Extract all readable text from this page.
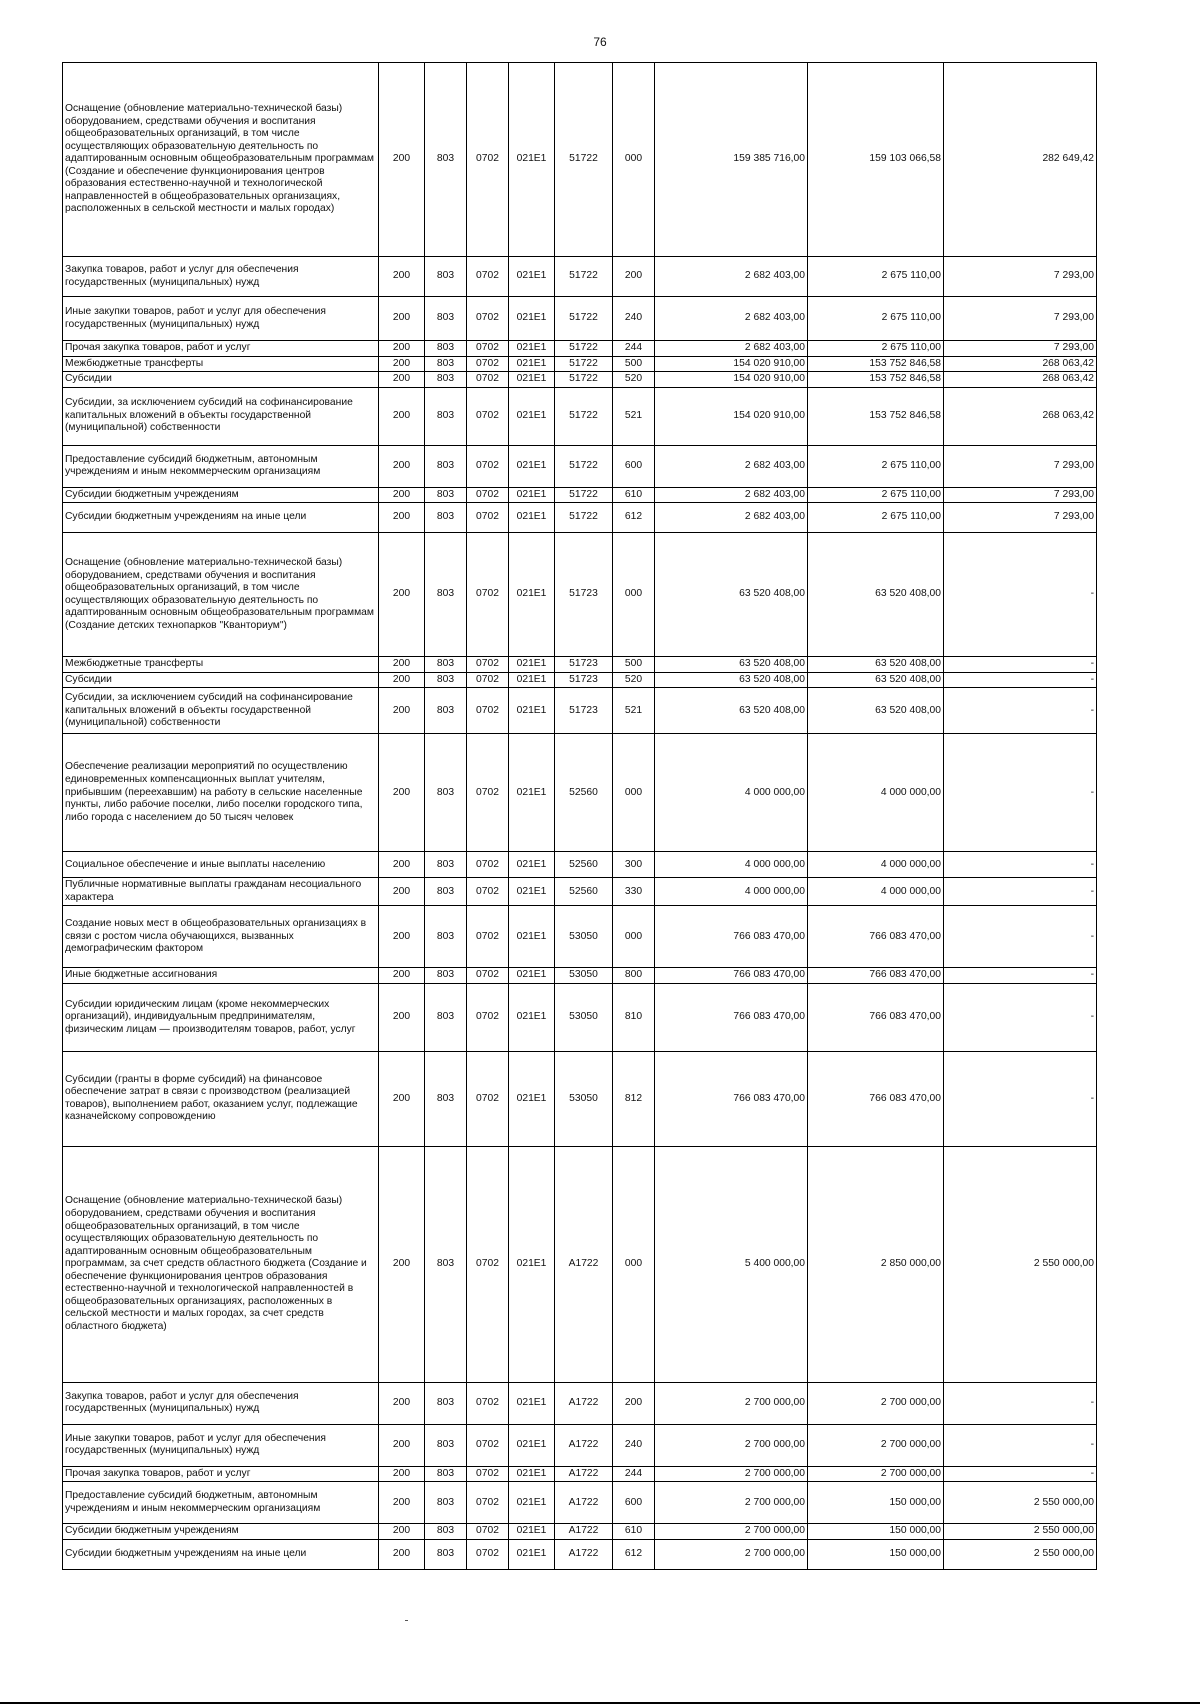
76
Оснащение (обновление материально-технической базы) оборудованием, средствами обучения и воспитания общеобразовательных организаций, в том числе осуществляющих образовательную деятельность по адаптированным основным общеобразовательным программам (Создание и обеспечение функционирования центров образования естественно-научной и технологической направленностей в общеобразовательных организациях, расположенных в сельской местности и малых городах)	200	803	0702	021E1	51722	000	159 385 716,00	159 103 066,58	282 649,42
Закупка товаров, работ и услуг для обеспечения государственных (муниципальных) нужд	200	803	0702	021E1	51722	200	2 682 403,00	2 675 110,00	7 293,00
Иные закупки товаров, работ и услуг для обеспечения государственных (муниципальных) нужд	200	803	0702	021E1	51722	240	2 682 403,00	2 675 110,00	7 293,00
Прочая закупка товаров, работ и услуг	200	803	0702	021E1	51722	244	2 682 403,00	2 675 110,00	7 293,00
Межбюджетные трансферты	200	803	0702	021E1	51722	500	154 020 910,00	153 752 846,58	268 063,42
Субсидии	200	803	0702	021E1	51722	520	154 020 910,00	153 752 846,58	268 063,42
Субсидии, за исключением субсидий на софинансирование капитальных вложений в объекты государственной (муниципальной) собственности	200	803	0702	021E1	51722	521	154 020 910,00	153 752 846,58	268 063,42
Предоставление субсидий бюджетным, автономным учреждениям и иным некоммерческим организациям	200	803	0702	021E1	51722	600	2 682 403,00	2 675 110,00	7 293,00
Субсидии бюджетным учреждениям	200	803	0702	021E1	51722	610	2 682 403,00	2 675 110,00	7 293,00
Субсидии бюджетным учреждениям на иные цели	200	803	0702	021E1	51722	612	2 682 403,00	2 675 110,00	7 293,00
Оснащение (обновление материально-технической базы) оборудованием, средствами обучения и воспитания общеобразовательных организаций, в том числе осуществляющих образовательную деятельность по адаптированным основным общеобразовательным программам (Создание детских технопарков "Кванториум")	200	803	0702	021E1	51723	000	63 520 408,00	63 520 408,00	-
Межбюджетные трансферты	200	803	0702	021E1	51723	500	63 520 408,00	63 520 408,00	-
Субсидии	200	803	0702	021E1	51723	520	63 520 408,00	63 520 408,00	-
Субсидии, за исключением субсидий на софинансирование капитальных вложений в объекты государственной (муниципальной) собственности	200	803	0702	021E1	51723	521	63 520 408,00	63 520 408,00	-
Обеспечение реализации мероприятий по осуществлению единовременных компенсационных выплат учителям, прибывшим (переехавшим) на работу в сельские населенные пункты, либо рабочие поселки, либо поселки городского типа, либо города с населением до 50 тысяч человек	200	803	0702	021E1	52560	000	4 000 000,00	4 000 000,00	-
Социальное обеспечение и иные выплаты населению	200	803	0702	021E1	52560	300	4 000 000,00	4 000 000,00	-
Публичные нормативные выплаты гражданам несоциального характера	200	803	0702	021E1	52560	330	4 000 000,00	4 000 000,00	-
Создание новых мест в общеобразовательных организациях в связи с ростом числа обучающихся, вызванных демографическим фактором	200	803	0702	021E1	53050	000	766 083 470,00	766 083 470,00	-
Иные бюджетные ассигнования	200	803	0702	021E1	53050	800	766 083 470,00	766 083 470,00	-
Субсидии юридическим лицам (кроме некоммерческих организаций), индивидуальным предпринимателям, физическим лицам — производителям товаров, работ, услуг	200	803	0702	021E1	53050	810	766 083 470,00	766 083 470,00	-
Субсидии (гранты в форме субсидий) на финансовое обеспечение затрат в связи с производством (реализацией товаров), выполнением работ, оказанием услуг, подлежащие казначейскому сопровождению	200	803	0702	021E1	53050	812	766 083 470,00	766 083 470,00	-
Оснащение (обновление материально-технической базы) оборудованием, средствами обучения и воспитания общеобразовательных организаций, в том числе осуществляющих образовательную деятельность по адаптированным основным общеобразовательным программам, за счет средств областного бюджета (Создание и обеспечение функционирования центров образования естественно-научной и технологической направленностей в общеобразовательных организациях, расположенных в сельской местности и малых городах, за счет средств областного бюджета)	200	803	0702	021E1	A1722	000	5 400 000,00	2 850 000,00	2 550 000,00
Закупка товаров, работ и услуг для обеспечения государственных (муниципальных) нужд	200	803	0702	021E1	A1722	200	2 700 000,00	2 700 000,00	-
Иные закупки товаров, работ и услуг для обеспечения государственных (муниципальных) нужд	200	803	0702	021E1	A1722	240	2 700 000,00	2 700 000,00	-
Прочая закупка товаров, работ и услуг	200	803	0702	021E1	A1722	244	2 700 000,00	2 700 000,00	-
Предоставление субсидий бюджетным, автономным учреждениям и иным некоммерческим организациям	200	803	0702	021E1	A1722	600	2 700 000,00	150 000,00	2 550 000,00
Субсидии бюджетным учреждениям	200	803	0702	021E1	A1722	610	2 700 000,00	150 000,00	2 550 000,00
Субсидии бюджетным учреждениям на иные цели	200	803	0702	021E1	A1722	612	2 700 000,00	150 000,00	2 550 000,00
